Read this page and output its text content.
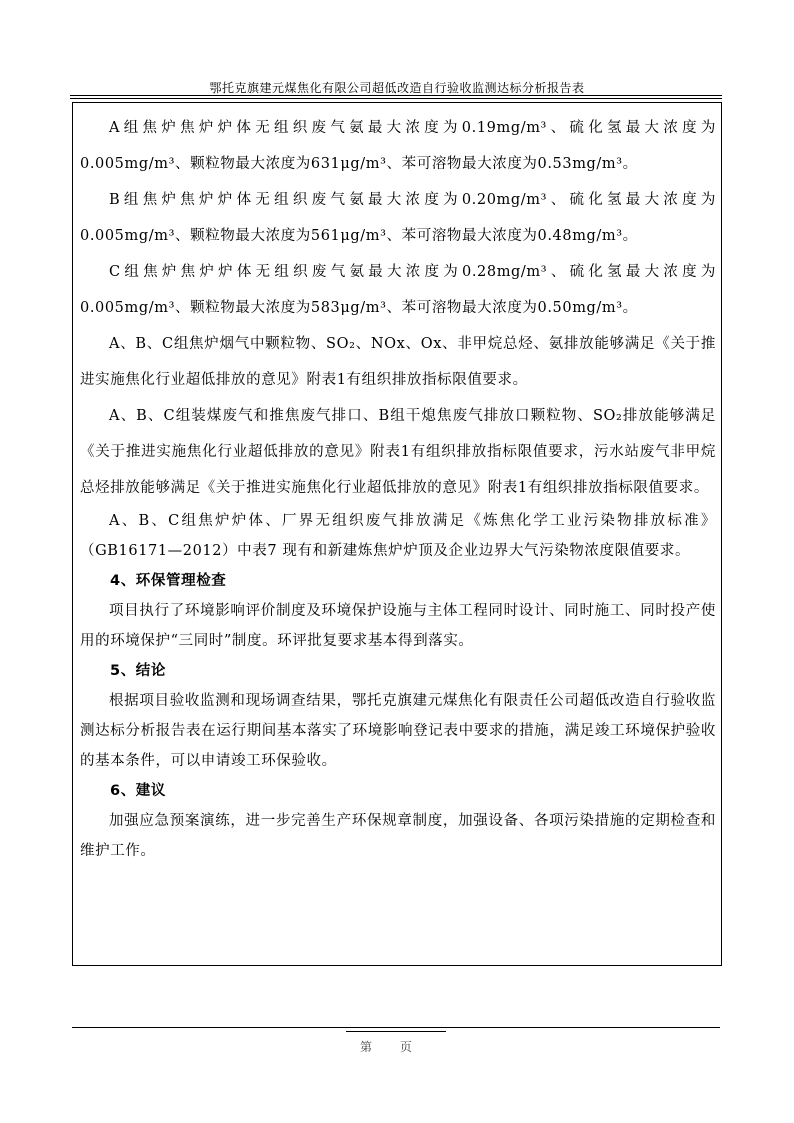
鄂托克旗建元煤焦化有限公司超低改造自行验收监测达标分析报告表

A组焦炉焦炉炉体无组织废气氨最大浓度为0.19mg/m³、硫化氢最大浓度为0.005mg/m³、颗粒物最大浓度为631μg/m³、苯可溶物最大浓度为0.53mg/m³。

B组焦炉焦炉炉体无组织废气氨最大浓度为0.20mg/m³、硫化氢最大浓度为0.005mg/m³、颗粒物最大浓度为561μg/m³、苯可溶物最大浓度为0.48mg/m³。

C组焦炉焦炉炉体无组织废气氨最大浓度为0.28mg/m³、硫化氢最大浓度为0.005mg/m³、颗粒物最大浓度为583μg/m³、苯可溶物最大浓度为0.50mg/m³。

A、B、C组焦炉烟气中颗粒物、SO₂、NOx、Ox、非甲烷总烃、氨排放能够满足《关于推进实施焦化行业超低排放的意见》附表1有组织排放指标限值要求。

A、B、C组装煤废气和推焦废气排口、B组干熄焦废气排放口颗粒物、SO₂排放能够满足《关于推进实施焦化行业超低排放的意见》附表1有组织排放指标限值要求，污水站废气非甲烷总烃排放能够满足《关于推进实施焦化行业超低排放的意见》附表1有组织排放指标限值要求。

A、B、C组焦炉炉体、厂界无组织废气排放满足《炼焦化学工业污染物排放标准》（GB16171—2012）中表7 现有和新建炼焦炉炉顶及企业边界大气污染物浓度限值要求。

4、环保管理检查

项目执行了环境影响评价制度及环境保护设施与主体工程同时设计、同时施工、同时投产使用的环境保护“三同时”制度。环评批复要求基本得到落实。

5、结论

根据项目验收监测和现场调查结果，鄂托克旗建元煤焦化有限责任公司超低改造自行验收监测达标分析报告表在运行期间基本落实了环境影响登记表中要求的措施，满足竣工环境保护验收的基本条件，可以申请竣工环保验收。

6、建议

加强应急预案演练，进一步完善生产环保规章制度，加强设备、各项污染措施的定期检查和维护工作。

第 页
